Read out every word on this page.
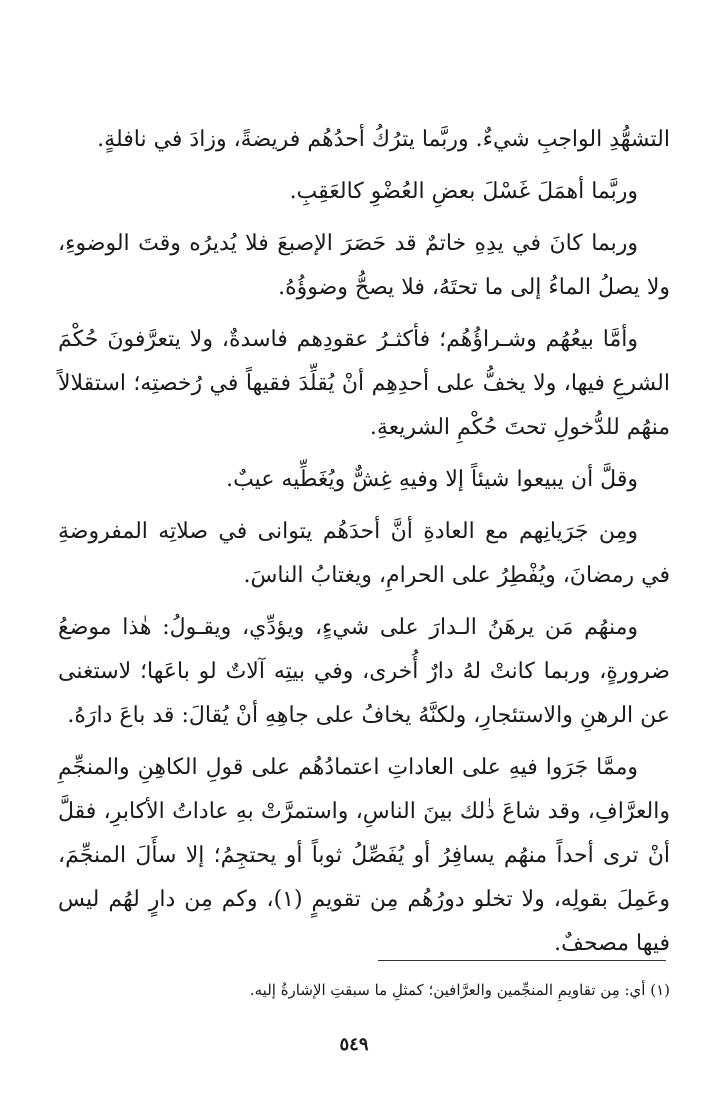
التشهُّدِ الواجبِ شيءٌ. وربَّما يترُكُ أحدُهُم فريضةً، وزادَ في نافلةٍ.

وربَّما أهمَلَ غَسْلَ بعضِ العُضْوِ كالعَقِبِ.

وربما كانَ في يدِهِ خاتمٌ قد حَصَرَ الإصبعَ فلا يُديرُه وقتَ الوضوءِ، ولا يصلُ الماءُ إلى ما تحتَهُ، فلا يصحُّ وضوؤُهُ.

وأمَّا بيعُهُم وشـراؤُهُم؛ فأكثـرُ عقودِهم فاسدةٌ، ولا يتعرَّفونَ حُكْمَ الشرعِ فيها، ولا يخفُّ على أحدِهِم أنْ يُقلِّدَ فقيهاً في رُخصتِه؛ استقلالاً منهُم للدُّخولِ تحتَ حُكْمِ الشريعةِ.

وقلَّ أن يبيعوا شيئاً إلا وفيهِ غِشٌّ ويُغَطِّيه عيبٌ.

ومِن جَرَيانِهم مع العادةِ أنَّ أحدَهُم يتوانى في صلاتِه المفروضةِ في رمضانَ، ويُفْطِرُ على الحرامِ، ويغتابُ الناسَ.

ومنهُم مَن يرهَنُ الـدارَ على شيءٍ، ويؤدِّي، ويقـولُ: هٰذا موضعُ ضرورةٍ، وربما كانتْ لهُ دارٌ أُخرى، وفي بيتِه آلاتٌ لو باعَها؛ لاستغنى عن الرهنِ والاستئجارِ، ولكنَّهُ يخافُ على جاهِهِ أنْ يُقالَ: قد باعَ دارَهُ.

وممَّا جَرَوا فيهِ على العاداتِ اعتمادُهُم على قولِ الكاهِنِ والمنجِّمِ والعرَّافِ، وقد شاعَ ذٰلك بينَ الناسِ، واستمرَّتْ بهِ عاداتُ الأكابرِ، فقلَّ أنْ ترى أحداً منهُم يسافِرُ أو يُفَصِّلُ ثوباً أو يحتجِمُ؛ إلا سأَلَ المنجِّمَ، وعَمِلَ بقولِه، ولا تخلو دورُهُم مِن تقويمٍ (١)، وكم مِن دارٍ لهُم ليس فيها مصحفٌ.

(١) أي: مِن تقاويمِ المنجِّمين والعرَّافين؛ كمثلِ ما سبقتِ الإشارةُ إليه.
٥٤٩
